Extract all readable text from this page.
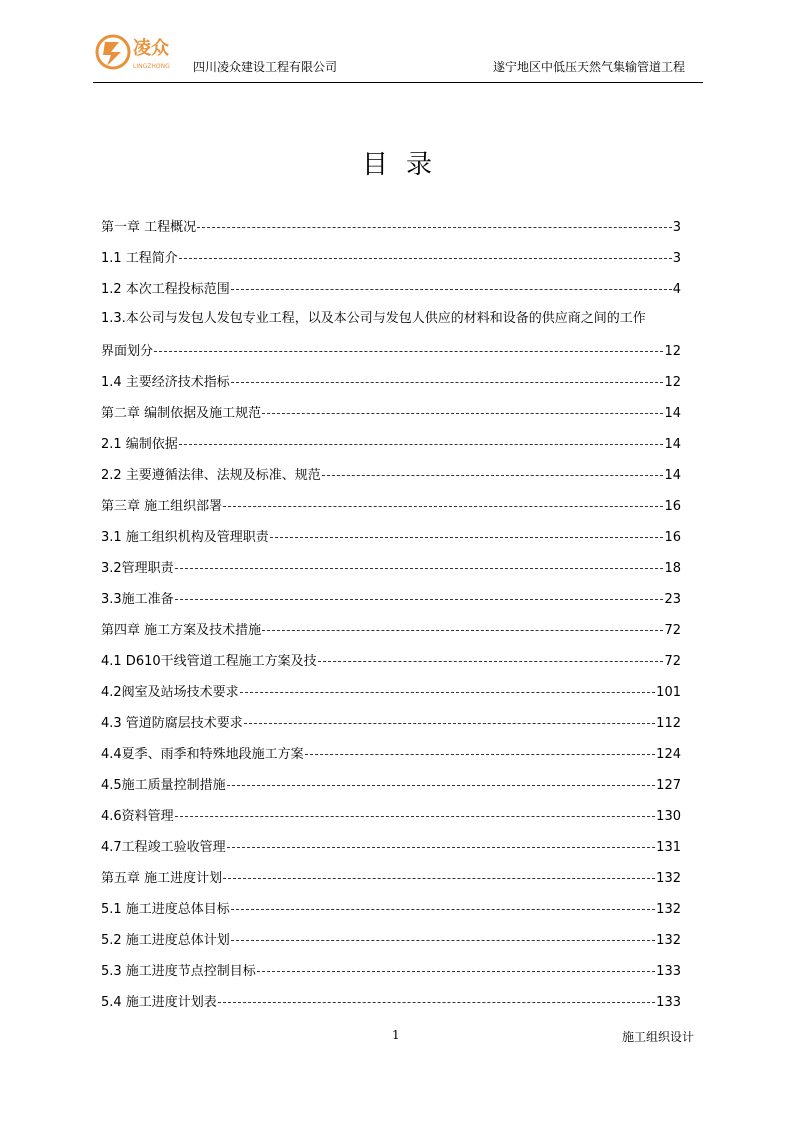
凌众
LINGZHONG 四川凌众建设工程有限公司	遂宁地区中低压天然气集输管道工程
目录
第一章 工程概况	3
1.1 工程简介	3
1.2 本次工程投标范围	4
1.3.本公司与发包人发包专业工程，以及本公司与发包人供应的材料和设备的供应商之间的工作
界面划分	12
1.4 主要经济技术指标	12
第二章 编制依据及施工规范	14
2.1 编制依据	14
2.2 主要遵循法律、法规及标准、规范	14
第三章 施工组织部署	16
3.1 施工组织机构及管理职责	16
3.2管理职责	18
3.3施工准备	23
第四章 施工方案及技术措施	72
4.1 D610干线管道工程施工方案及技	72
4.2阀室及站场技术要求	101
4.3 管道防腐层技术要求	112
4.4夏季、雨季和特殊地段施工方案	124
4.5施工质量控制措施	127
4.6资料管理	130
4.7工程竣工验收管理	131
第五章 施工进度计划	132
5.1 施工进度总体目标	132
5.2 施工进度总体计划	132
5.3 施工进度节点控制目标	133
5.4 施工进度计划表	133
1	施工组织设计
